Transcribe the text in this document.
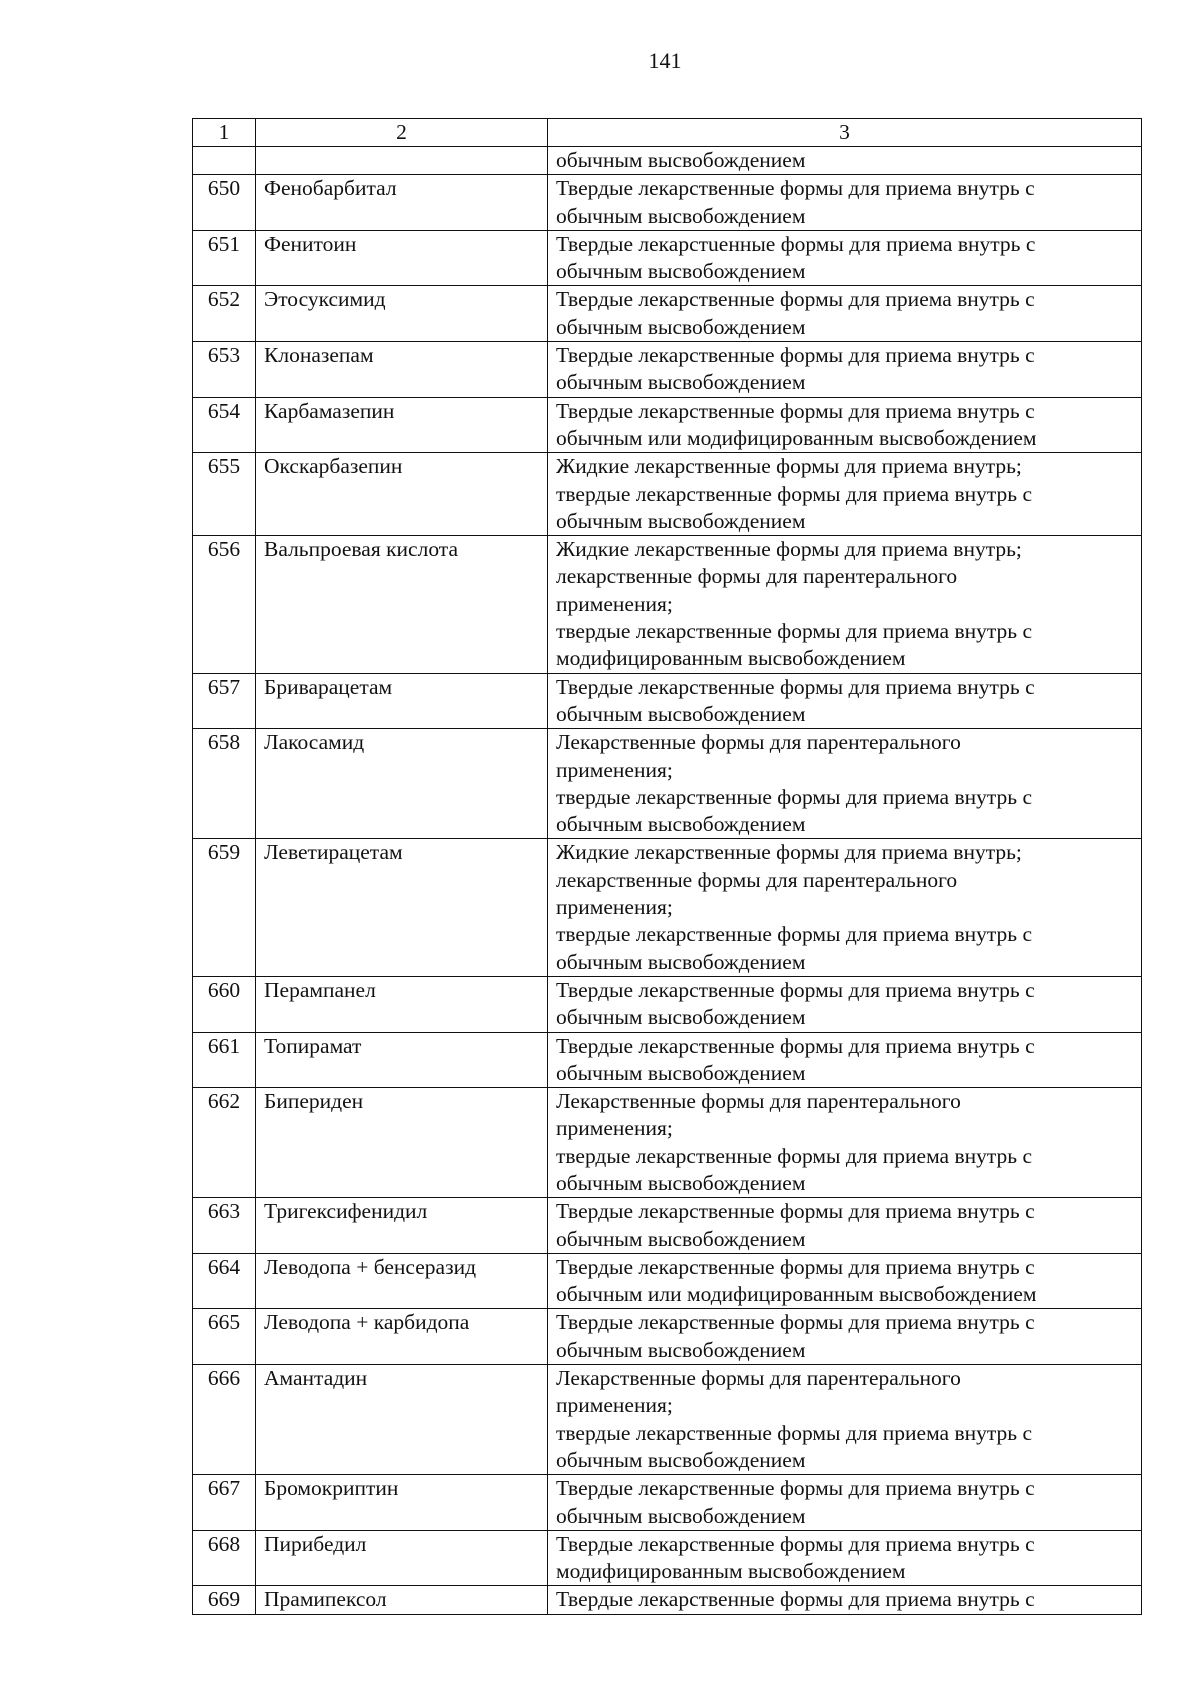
141
1	2	3

		обычным высвобождением

650	Фенобарбитал	Твердые лекарственные формы для приема внутрь с
обычным высвобождением

651	Фенитоин	Твердые лекарстuенные формы для приема внутрь с
обычным высвобождением

652	Этосуксимид	Твердые лекарственные формы для приема внутрь с
обычным высвобождением

653	Клоназепам	Твердые лекарственные формы для приема внутрь с
обычным высвобождением

654	Карбамазепин	Твердые лекарственные формы для приема внутрь с
обычным или модифицированным высвобождением

655	Окскарбазепин	Жидкие лекарственные формы для приема внутрь;
твердые лекарственные формы для приема внутрь с
обычным высвобождением

656	Вальпроевая кислота	Жидкие лекарственные формы для приема внутрь;
лекарственные формы для парентерального
применения;
твердые лекарственные формы для приема внутрь с
модифицированным высвобождением

657	Бриварацетам	Твердые лекарственные формы для приема внутрь с
обычным высвобождением

658	Лакосамид	Лекарственные формы для парентерального
применения;
твердые лекарственные формы для приема внутрь с
обычным высвобождением

659	Леветирацетам	Жидкие лекарственные формы для приема внутрь;
лекарственные формы для парентерального
применения;
твердые лекарственные формы для приема внутрь с
обычным высвобождением

660	Перампанел	Твердые лекарственные формы для приема внутрь с
обычным высвобождением

661	Топирамат	Твердые лекарственные формы для приема внутрь с
обычным высвобождением

662	Бипериден	Лекарственные формы для парентерального
применения;
твердые лекарственные формы для приема внутрь с
обычным высвобождением

663	Тригексифенидил	Твердые лекарственные формы для приема внутрь с
обычным высвобождением

664	Леводопа + бенсеразид	Твердые лекарственные формы для приема внутрь с
обычным или модифицированным высвобождением

665	Леводопа + карбидопа	Твердые лекарственные формы для приема внутрь с
обычным высвобождением

666	Амантадин	Лекарственные формы для парентерального
применения;
твердые лекарственные формы для приема внутрь с
обычным высвобождением

667	Бромокриптин	Твердые лекарственные формы для приема внутрь с
обычным высвобождением

668	Пирибедил	Твердые лекарственные формы для приема внутрь с
модифицированным высвобождением

669	Прамипексол	Твердые лекарственные формы для приема внутрь с
